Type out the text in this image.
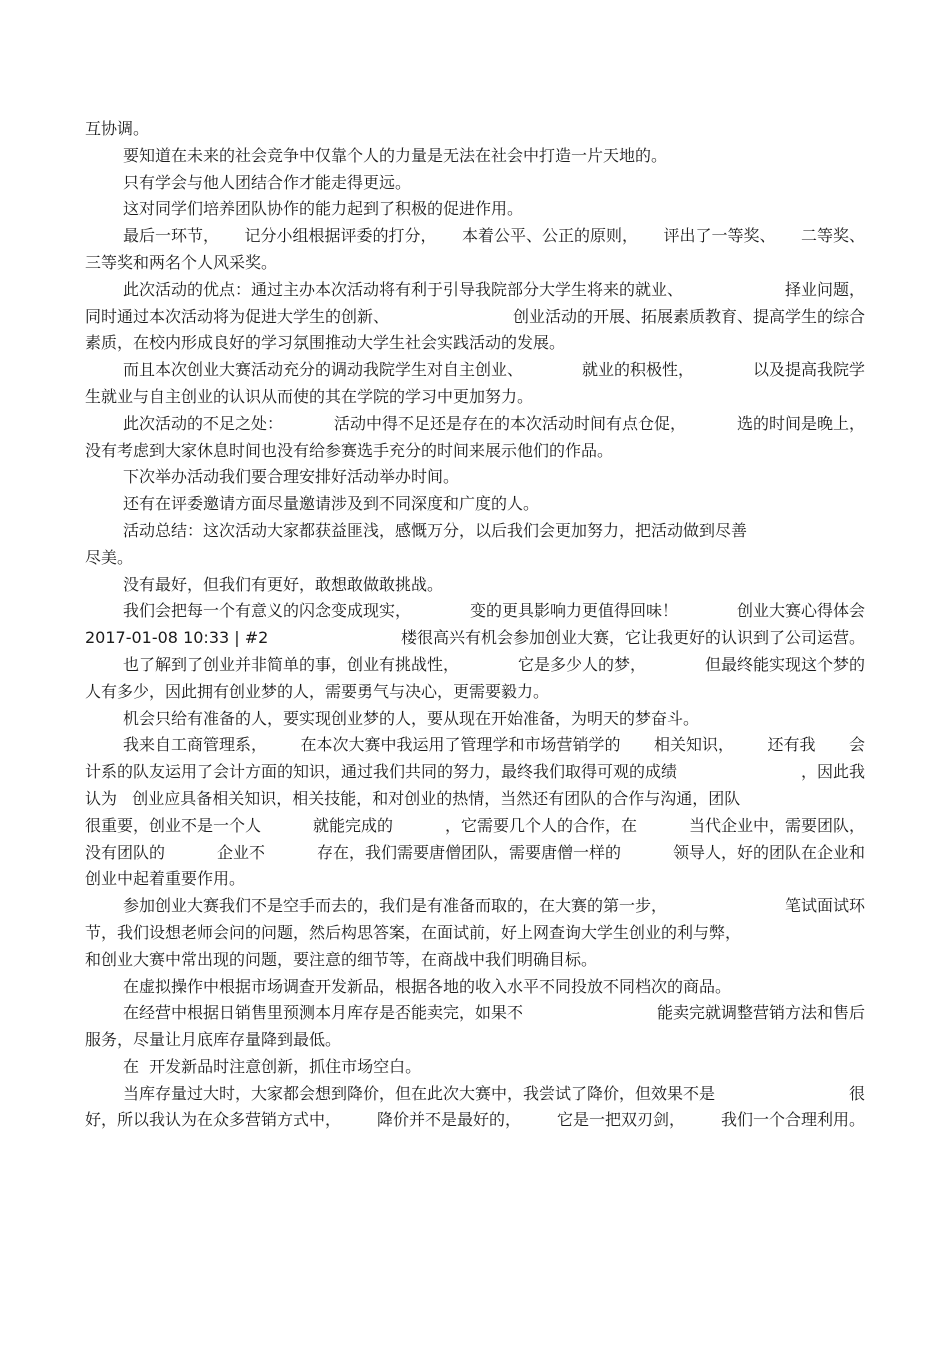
互协调。
要知道在未来的社会竞争中仅靠个人的力量是无法在社会中打造一片天地的。
只有学会与他人团结合作才能走得更远。
这对同学们培养团队协作的能力起到了积极的促进作用。
最后一环节， 记分小组根据评委的打分， 本着公平、公正的原则， 评出了一等奖、 二等奖、
三等奖和两名个人风采奖。
此次活动的优点：通过主办本次活动将有利于引导我院部分大学生将来的就业、	择业问题，
同时通过本次活动将为促进大学生的创新、	创业活动的开展、拓展素质教育、提高学生的综合
素质，在校内形成良好的学习氛围推动大学生社会实践活动的发展。
而且本次创业大赛活动充分的调动我院学生对自主创业、	就业的积极性，	以及提高我院学
生就业与自主创业的认识从而使的其在学院的学习中更加努力。
此次活动的不足之处：	活动中得不足还是存在的本次活动时间有点仓促，	选的时间是晚上，
没有考虑到大家休息时间也没有给参赛选手充分的时间来展示他们的作品。
下次举办活动我们要合理安排好活动举办时间。
还有在评委邀请方面尽量邀请涉及到不同深度和广度的人。
活动总结：这次活动大家都获益匪浅，感慨万分，以后我们会更加努力，把活动做到尽善
尽美。
没有最好，但我们有更好，敢想敢做敢挑战。
我们会把每一个有意义的闪念变成现实，	变的更具影响力更值得回味！	创业大赛心得体会
2017-01-08 10:33 | #2	楼很高兴有机会参加创业大赛，它让我更好的认识到了公司运营。
也了解到了创业并非简单的事，创业有挑战性，	它是多少人的梦，	但最终能实现这个梦的
人有多少，因此拥有创业梦的人，需要勇气与决心，更需要毅力。
机会只给有准备的人，要实现创业梦的人，要从现在开始准备，为明天的梦奋斗。
我来自工商管理系， 在本次大赛中我运用了管理学和市场营销学的 相关知识， 还有我 会
计系的队友运用了会计方面的知识，通过我们共同的努力，最终我们取得可观的成绩	，因此我
认为   创业应具备相关知识，相关技能，和对创业的热情，当然还有团队的合作与沟通，团队
很重要，创业不是一个人	就能完成的	，它需要几个人的合作，在	当代企业中，需要团队，
没有团队的	企业不	存在，我们需要唐僧团队，需要唐僧一样的	领导人，好的团队在企业和
创业中起着重要作用。
参加创业大赛我们不是空手而去的，我们是有准备而取的，在大赛的第一步，	笔试面试环
节，我们设想老师会问的问题，然后构思答案，在面试前，好上网查询大学生创业的利与弊，
和创业大赛中常出现的问题，要注意的细节等，在商战中我们明确目标。
在虚拟操作中根据市场调查开发新品，根据各地的收入水平不同投放不同档次的商品。
在经营中根据日销售里预测本月库存是否能卖完，如果不	能卖完就调整营销方法和售后
服务，尽量让月底库存量降到最低。
在  开发新品时注意创新，抓住市场空白。
当库存量过大时，大家都会想到降价，但在此次大赛中，我尝试了降价，但效果不是	很
好，所以我认为在众多营销方式中， 降价并不是最好的， 它是一把双刃剑， 我们一个合理利用。
